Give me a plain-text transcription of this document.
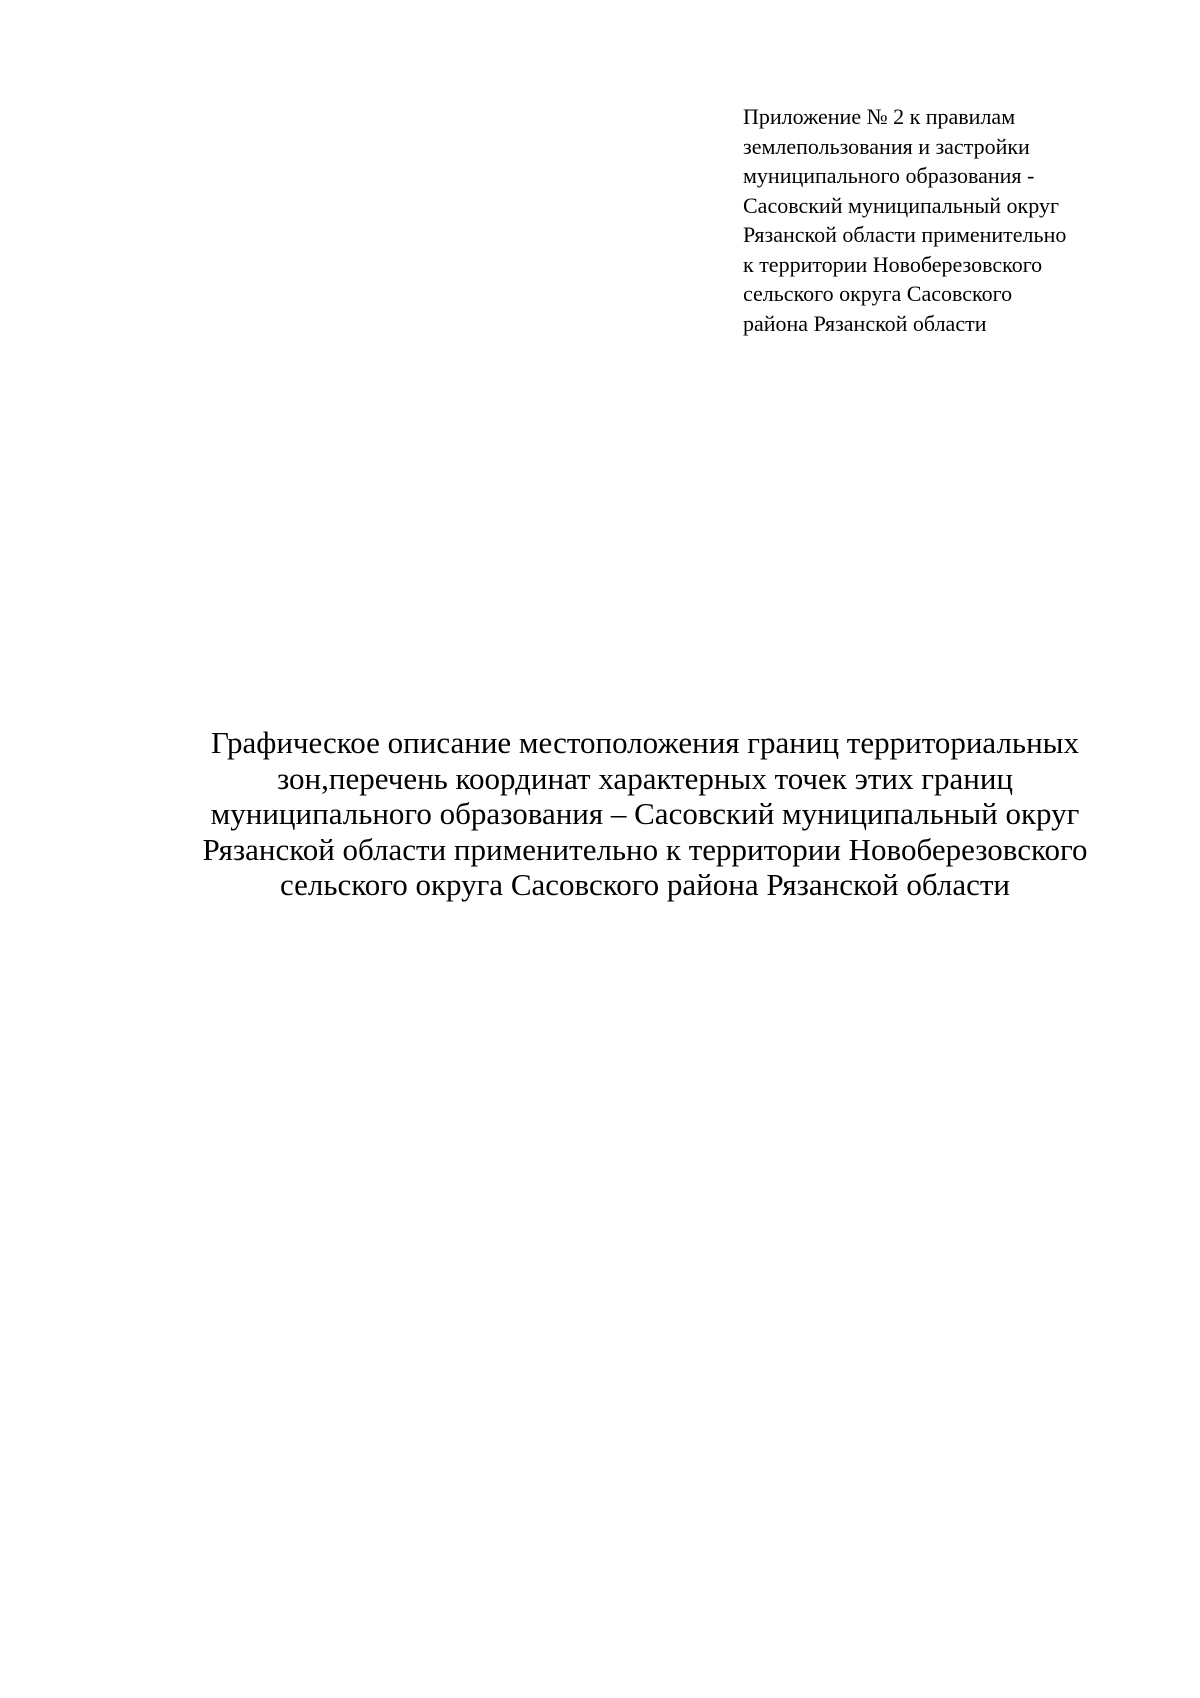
Приложение № 2 к правилам
землепользования и застройки
муниципального образования -
Сасовский муниципальный округ
Рязанской области применительно
к территории Новоберезовского
сельского округа Сасовского
района Рязанской области
Графическое описание местоположения границ территориальных
зон,перечень координат характерных точек этих границ
муниципального образования – Сасовский муниципальный округ
Рязанской области применительно к территории Новоберезовского
сельского округа Сасовского района Рязанской области
